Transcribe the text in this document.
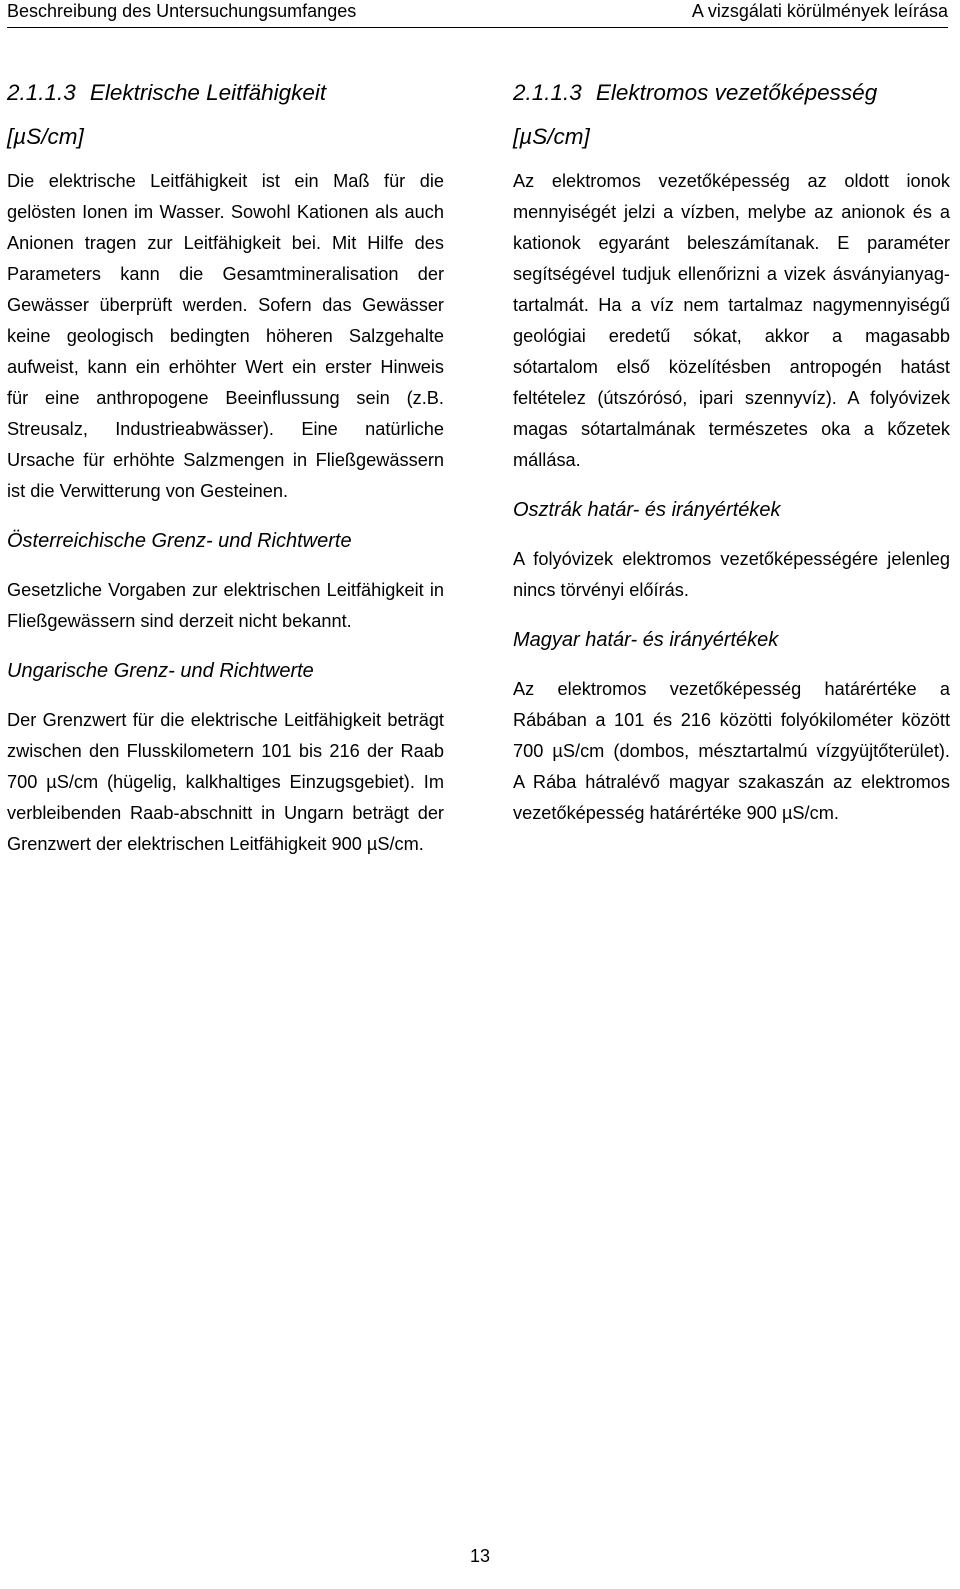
Beschreibung des Untersuchungsumfanges	A vizsgálati körülmények leírása
2.1.1.3 Elektrische Leitfähigkeit
[µS/cm]

Die elektrische Leitfähigkeit ist ein Maß für die gelösten Ionen im Wasser. Sowohl Kationen als auch Anionen tragen zur Leitfähigkeit bei. Mit Hilfe des Parameters kann die Gesamtmineralisation der Gewässer überprüft werden. Sofern das Gewässer keine geologisch bedingten höheren Salzgehalte aufweist, kann ein erhöhter Wert ein erster Hinweis für eine anthropogene Beeinflussung sein (z.B. Streusalz, Industrieabwässer). Eine natürliche Ursache für erhöhte Salzmengen in Fließgewässern ist die Verwitterung von Gesteinen.

Österreichische Grenz- und Richtwerte

Gesetzliche Vorgaben zur elektrischen Leitfähigkeit in Fließgewässern sind derzeit nicht bekannt.

Ungarische Grenz- und Richtwerte

Der Grenzwert für die elektrische Leitfähigkeit beträgt zwischen den Flusskilometern 101 bis 216 der Raab 700 µS/cm (hügelig, kalkhaltiges Einzugsgebiet). Im verbleibenden Raab-abschnitt in Ungarn beträgt der Grenzwert der elektrischen Leitfähigkeit 900 µS/cm.

2.1.1.3 Elektromos vezetőképesség
[µS/cm]

Az elektromos vezetőképesség az oldott ionok mennyiségét jelzi a vízben, melybe az anionok és a kationok egyaránt beleszámítanak. E paraméter segítségével tudjuk ellenőrizni a vizek ásványianyag-tartalmát. Ha a víz nem tartalmaz nagymennyiségű geológiai eredetű sókat, akkor a magasabb sótartalom első közelítésben antropogén hatást feltételez (útszórósó, ipari szennyvíz). A folyóvizek magas sótartalmának természetes oka a kőzetek mállása.

Osztrák határ- és irányértékek

A folyóvizek elektromos vezetőképességére jelenleg nincs törvényi előírás.

Magyar határ- és irányértékek

Az elektromos vezetőképesség határértéke a Rábában a 101 és 216 közötti folyókilométer között 700 µS/cm (dombos, mésztartalmú vízgyüjtőterület). A Rába hátralévő magyar szakaszán az elektromos vezetőképesség határértéke 900 µS/cm.

13
